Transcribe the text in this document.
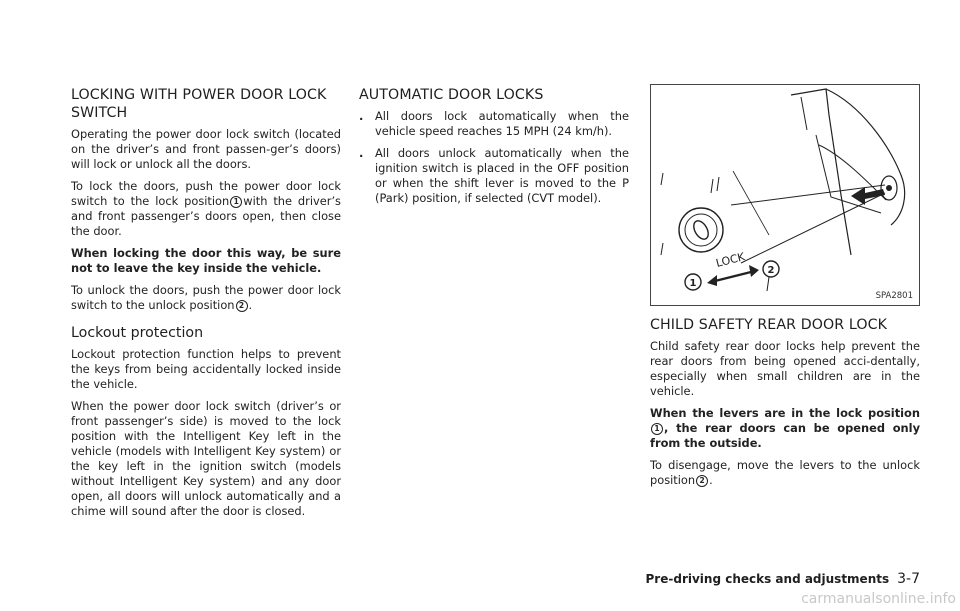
LOCKING WITH POWER DOOR LOCK SWITCH

Operating the power door lock switch (located on the driver’s and front passen-ger’s doors) will lock or unlock all the doors.

To lock the doors, push the power door lock switch to the lock position 1 with the driver’s and front passenger’s doors open, then close the door.

When locking the door this way, be sure not to leave the key inside the vehicle.

To unlock the doors, push the power door lock switch to the unlock position 2 .

Lockout protection

Lockout protection function helps to prevent the keys from being accidentally locked inside the vehicle.

When the power door lock switch (driver’s or front passenger’s side) is moved to the lock position with the Intelligent Key left in the vehicle (models with Intelligent Key system) or the key left in the ignition switch (models without Intelligent Key system) and any door open, all doors will unlock automatically and a chime will sound after the door is closed.

AUTOMATIC DOOR LOCKS
. All doors lock automatically when the vehicle speed reaches 15 MPH (24 km/h).
. All doors unlock automatically when the ignition switch is placed in the OFF position or when the shift lever is moved to the P (Park) position, if selected (CVT model).
LOCK
1
2
SPA2801
CHILD SAFETY REAR DOOR LOCK

Child safety rear door locks help prevent the rear doors from being opened acci-dentally, especially when small children are in the vehicle.

When the levers are in the lock position1 , the rear doors can be opened only from the outside.

To disengage, move the levers to the unlock position 2 .

Pre-driving checks and adjustments 3-7
carmanualsonline.info
